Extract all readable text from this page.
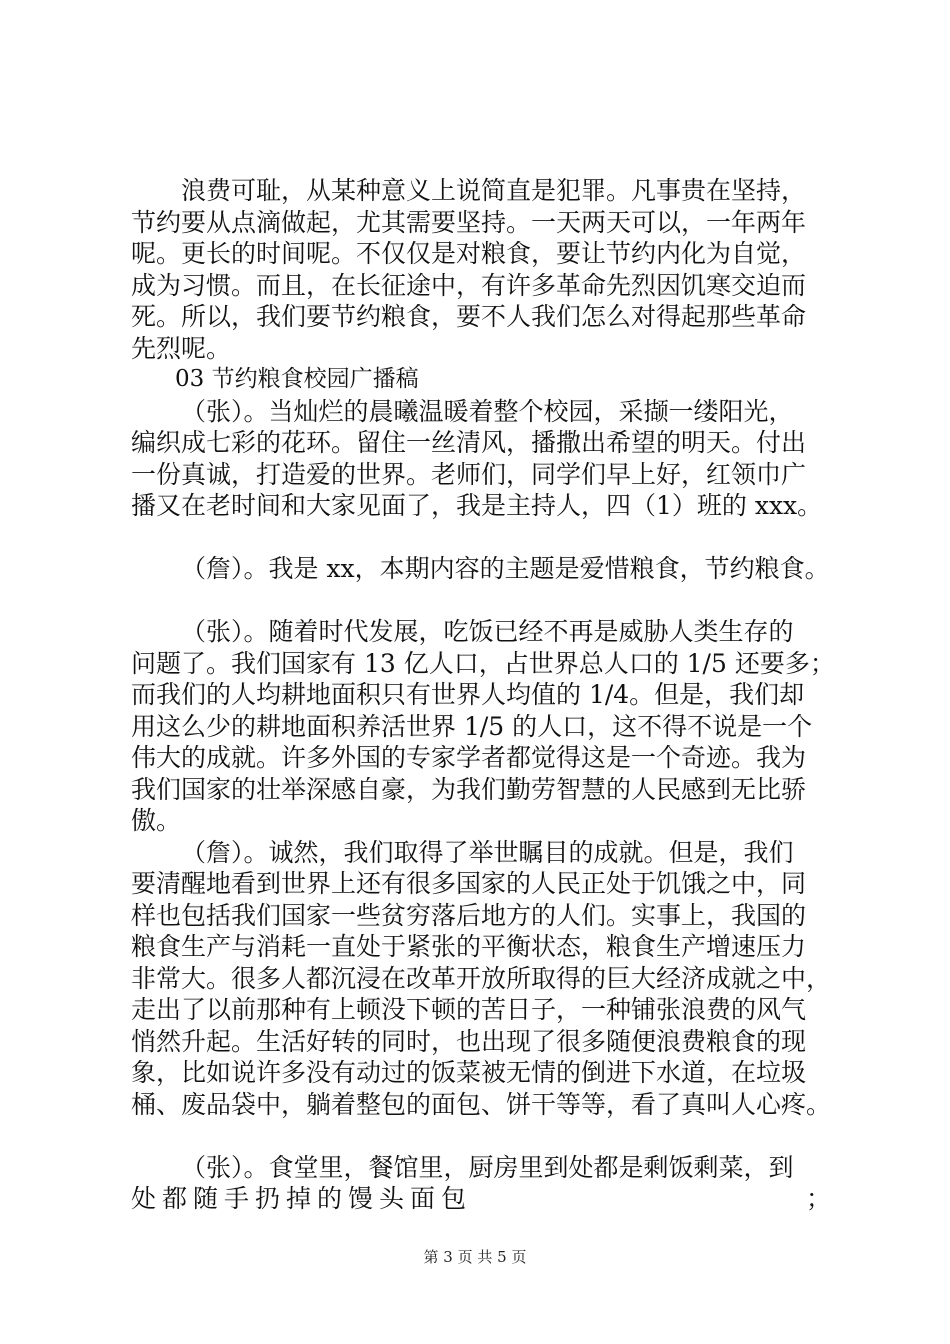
浪费可耻，从某种意义上说简直是犯罪。凡事贵在坚持，
节约要从点滴做起，尤其需要坚持。一天两天可以，一年两年
呢。更长的时间呢。不仅仅是对粮食，要让节约内化为自觉，
成为习惯。而且，在长征途中，有许多革命先烈因饥寒交迫而
死。所以，我们要节约粮食，要不人我们怎么对得起那些革命
先烈呢。
03 节约粮食校园广播稿
（张）。当灿烂的晨曦温暖着整个校园，采撷一缕阳光，
编织成七彩的花环。留住一丝清风，播撒出希望的明天。付出
一份真诚，打造爱的世界。老师们，同学们早上好，红领巾广
播又在老时间和大家见面了，我是主持人，四（1）班的 xxx。
（詹）。我是 xx，本期内容的主题是爱惜粮食，节约粮食。
（张）。随着时代发展，吃饭已经不再是威胁人类生存的
问题了。我们国家有 13 亿人口，占世界总人口的 1/5 还要多；
而我们的人均耕地面积只有世界人均值的 1/4。但是，我们却
用这么少的耕地面积养活世界 1/5 的人口，这不得不说是一个
伟大的成就。许多外国的专家学者都觉得这是一个奇迹。我为
我们国家的壮举深感自豪，为我们勤劳智慧的人民感到无比骄
傲。
（詹）。诚然，我们取得了举世瞩目的成就。但是，我们
要清醒地看到世界上还有很多国家的人民正处于饥饿之中，同
样也包括我们国家一些贫穷落后地方的人们。实事上，我国的
粮食生产与消耗一直处于紧张的平衡状态，粮食生产增速压力
非常大。很多人都沉浸在改革开放所取得的巨大经济成就之中，
走出了以前那种有上顿没下顿的苦日子，一种铺张浪费的风气
悄然升起。生活好转的同时，也出现了很多随便浪费粮食的现
象，比如说许多没有动过的饭菜被无情的倒进下水道，在垃圾
桶、废品袋中，躺着整包的面包、饼干等等，看了真叫人心疼。
（张）。食堂里，餐馆里，厨房里到处都是剩饭剩菜，到
处都随手扔掉的馒头面包	；
第 3 页 共 5 页
